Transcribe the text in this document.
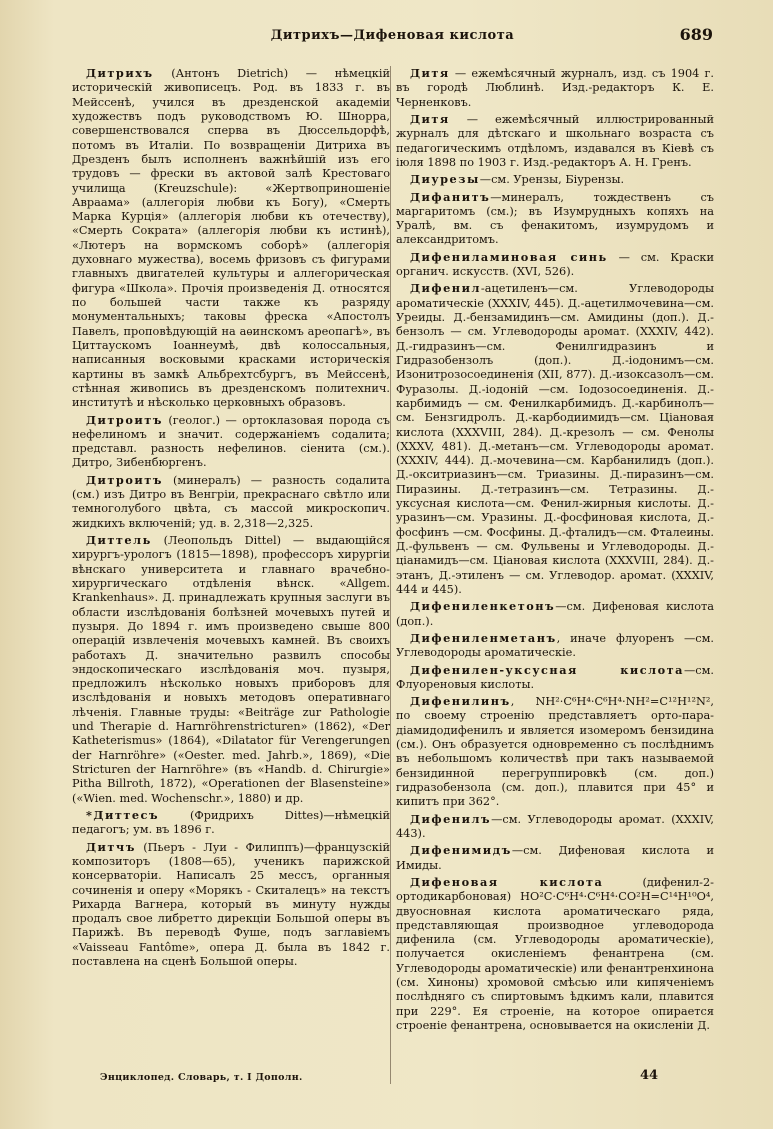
Дитрихъ—Дифеновая кислота	689

Дитрихъ (Антонъ Dietrich) — нѣмецкій историческій живописецъ. Род. въ 1833 г. въ Мейссенѣ, учился въ дрезденской академіи художествъ подъ руководствомъ Ю. Шнорра, совершенствовался сперва въ Дюссельдорфѣ, потомъ въ Италіи. По возвращеніи Дитриха въ Дрезденъ былъ исполненъ важнѣйшій изъ его трудовъ — фрески въ актовой залѣ Крестоваго училища (Kreuzschule): «Жертвоприношеніе Авраама» (аллегорія любви къ Богу), «Смерть Марка Курція» (аллегорія любви къ отечеству), «Смерть Сократа» (аллегорія любви къ истинѣ), «Лютеръ на вормскомъ соборѣ» (аллегорія духовнаго мужества), восемь фризовъ съ фигурами главныхъ двигателей культуры и аллегорическая фигура «Школа». Прочія произведенія Д. относятся по большей части также къ разряду монументальныхъ; таковы фреска «Апостолъ Павелъ, проповѣдующій на аѳинскомъ ареопагѣ», въ Циттаускомъ Іоаннеумѣ, двѣ колоссальныя, написанныя восковыми красками историческія картины въ замкѣ Альбрехтсбургъ, въ Мейссенѣ, стѣнная живопись въ дрезденскомъ политехнич. институтѣ и нѣсколько церковныхъ образовъ.

Дитроитъ (геолог.) — ортоклазовая порода съ нефелиномъ и значит. содержаніемъ содалита; представл. разность нефелинов. сіенита (см.). Дитро, Зибенбюргенъ.

Дитроитъ (минералъ) — разность содалита (см.) изъ Дитро въ Венгріи, прекраснаго свѣтло или темноголубого цвѣта, съ массой микроскопич. жидкихъ включеній; уд. в. 2,318—2,325.

Диттель (Леопольдъ Dittel) — выдающійся хирургъ-урологъ (1815—1898), профессоръ хирургіи вѣнскаго университета и главнаго врачебно-хирургическаго отдѣленія вѣнск. «Allgem. Krankenhaus». Д. принадлежать крупныя заслуги въ области изслѣдованія болѣзней мочевыхъ путей и пузыря. До 1894 г. имъ произведено свыше 800 операцій извлеченія мочевыхъ камней. Въ своихъ работахъ Д. значительно развилъ способы эндоскопическаго изслѣдованія моч. пузыря, предложилъ нѣсколько новыхъ приборовъ для изслѣдованія и новыхъ методовъ оперативнаго лѣченія. Главные труды: «Beiträge zur Pathologie und Therapie d. Harnröhrenstricturen» (1862), «Der Katheterismus» (1864), «Dilatator für Verengerungen der Harnröhre» («Oester. med. Jahrb.», 1869), «Die Stricturen der Harnröhre» (въ «Handb. d. Chirurgie» Pitha Billroth, 1872), «Operationen der Blasensteine» («Wien. med. Wochenschr.», 1880) и др.

*Диттесъ (Фридрихъ Dittes)—нѣмецкій педагогъ; ум. въ 1896 г.

Дитчъ (Пьеръ - Луи - Филиппъ)—французскій композиторъ (1808—65), ученикъ парижской консерваторіи. Написалъ 25 мессъ, органныя сочиненія и оперу «Морякъ - Скиталецъ» на текстъ Рихарда Вагнера, который въ минуту нужды продалъ свое либретто дирекціи Большой оперы въ Парижѣ. Въ переводѣ Фуше, подъ заглавіемъ «Vaisseau Fantôme», опера Д. была въ 1842 г. поставлена на сценѣ Большой оперы.

Дитя — ежемѣсячный журналъ, изд. съ 1904 г. въ городѣ Люблинѣ. Изд.-редакторъ К. Е. Черненковъ.

Дитя — ежемѣсячный иллюстрированный журналъ для дѣтскаго и школьнаго возраста съ педагогическимъ отдѣломъ, издавался въ Кіевѣ съ іюля 1898 по 1903 г. Изд.-редакторъ А. Н. Гренъ.

Диурезы—см. Урензы, Біурензы.

Дифанитъ—минералъ, тождественъ съ маргаритомъ (см.); въ Изумрудныхъ копяхъ на Уралѣ, вм. съ фенакитомъ, изумрудомъ и александритомъ.

Дифениламиновая синь — см. Краски органич. искусств. (XVI, 526).

Дифенил-ацетиленъ—см. Углеводороды ароматическіе (XXXIV, 445). Д.-ацетилмочевина—см. Уреиды. Д.-бензамидинъ—см. Амидины (доп.). Д.-бензолъ — см. Углеводороды аромат. (XXXIV, 442). Д.-гидразинъ—см. Фенилгидразинъ и Гидразобензолъ (доп.). Д.-іодонимъ—см. Изонитрозосоединенія (XII, 877). Д.-изоксазолъ—см. Фуразолы. Д.-іодоній —см. Іодозосоединенія. Д.-карбимидъ — см. Фенилкарбимидъ. Д.-карбинолъ—см. Бензгидролъ. Д.-карбодиимидъ—см. Ціановая кислота (XXXVIII, 284). Д.-крезолъ — см. Фенолы (XXXV, 481). Д.-метанъ—см. Углеводороды аромат. (XXXIV, 444). Д.-мочевина—см. Карбанилидъ (доп.). Д.-окситриазинъ—см. Триазины. Д.-пиразинъ—см. Пиразины. Д.-тетразинъ—см. Тетразины. Д.-уксусная кислота—см. Фенил-жирныя кислоты. Д.-уразинъ—см. Уразины. Д.-фосфиновая кислота, Д.-фосфинъ —см. Фосфины. Д.-фталидъ—см. Фталеины. Д.-фульвенъ — см. Фульвены и Углеводороды. Д.-ціанамидъ—см. Ціановая кислота (XXXVIII, 284). Д.-этанъ, Д.-этиленъ — см. Углеводор. аромат. (XXXIV, 444 и 445).

Дифениленкетонъ—см. Дифеновая кислота (доп.).

Дифениленметанъ, иначе флуоренъ —см. Углеводороды ароматическіе.

Дифенилен-уксусная кислота—см. Флуореновыя кислоты.

Дифенилинъ, NH²·C⁶H⁴·C⁶H⁴·NH²=C¹²H¹²N², по своему строенію представляетъ орто-пара-діамидодифенилъ и является изомеромъ бензидина (см.). Онъ образуется одновременно съ послѣднимъ въ небольшомъ количествѣ при такъ называемой бензидинной перегруппировкѣ (см. доп.) гидразобензола (см. доп.), плавится при 45° и кипитъ при 362°.

Дифенилъ—см. Углеводороды аромат. (XXXIV, 443).

Дифенимидъ—см. Дифеновая кислота и Имиды.

Дифеновая кислота (дифенил-2-ортодикарбоновая) HO²C·C⁶H⁴·C⁶H⁴·CO²H=C¹⁴H¹⁰O⁴, двуосновная кислота ароматическаго ряда, представляющая производное углеводорода дифенила (см. Углеводороды ароматическіе), получается окисленіемъ фенантрена (см. Углеводороды ароматическіе) или фенантренхинона (см. Хиноны) хромовой смѣсью или кипяченіемъ послѣдняго съ спиртовымъ ѣдкимъ кали, плавится при 229°. Ея строеніе, на которое опирается строеніе фенантрена, основывается на окисленіи Д.

Энциклопед. Словарь, т. I Дополн.	44
